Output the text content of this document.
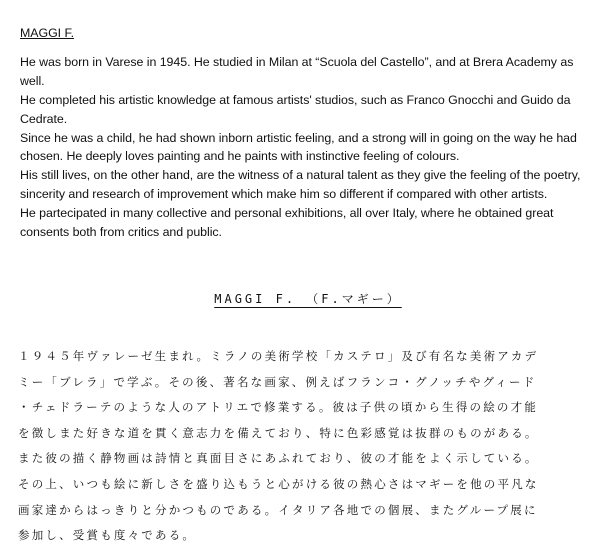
MAGGI F.

He was born in Varese in 1945. He studied in Milan at “Scuola del Castello”, and at Brera Academy as well.

He completed his artistic knowledge at famous artists' studios, such as Franco Gnocchi and Guido da Cedrate.

Since he was a child, he had shown inborn artistic feeling, and a strong will in going on the way he had chosen. He deeply loves painting and he paints with instinctive feeling of colours.

His still lives, on the other hand, are the witness of a natural talent as they give the feeling of the poetry, sincerity and research of improvement which make him so different if compared with other artists.

He partecipated in many collective and personal exhibitions, all over Italy, where he obtained great consents both from critics and public.

MAGGI F. （F.マギー）

１９４５年ヴァレーゼ生まれ。ミラノの美術学校「カステロ」及び有名な美術アカデ

ミー「ブレラ」で学ぶ。その後、著名な画家、例えばフランコ・グノッチやグィード

・チェドラーテのような人のアトリエで修業する。彼は子供の頃から生得の絵の才能

を徴しまた好きな道を貫く意志力を備えており、特に色彩感覚は抜群のものがある。

また彼の描く静物画は詩情と真面目さにあふれており、彼の才能をよく示している。

その上、いつも絵に新しさを盛り込もうと心がける彼の熱心さはマギーを他の平凡な

画家達からはっきりと分かつものである。イタリア各地での個展、またグループ展に

参加し、受賞も度々である。
